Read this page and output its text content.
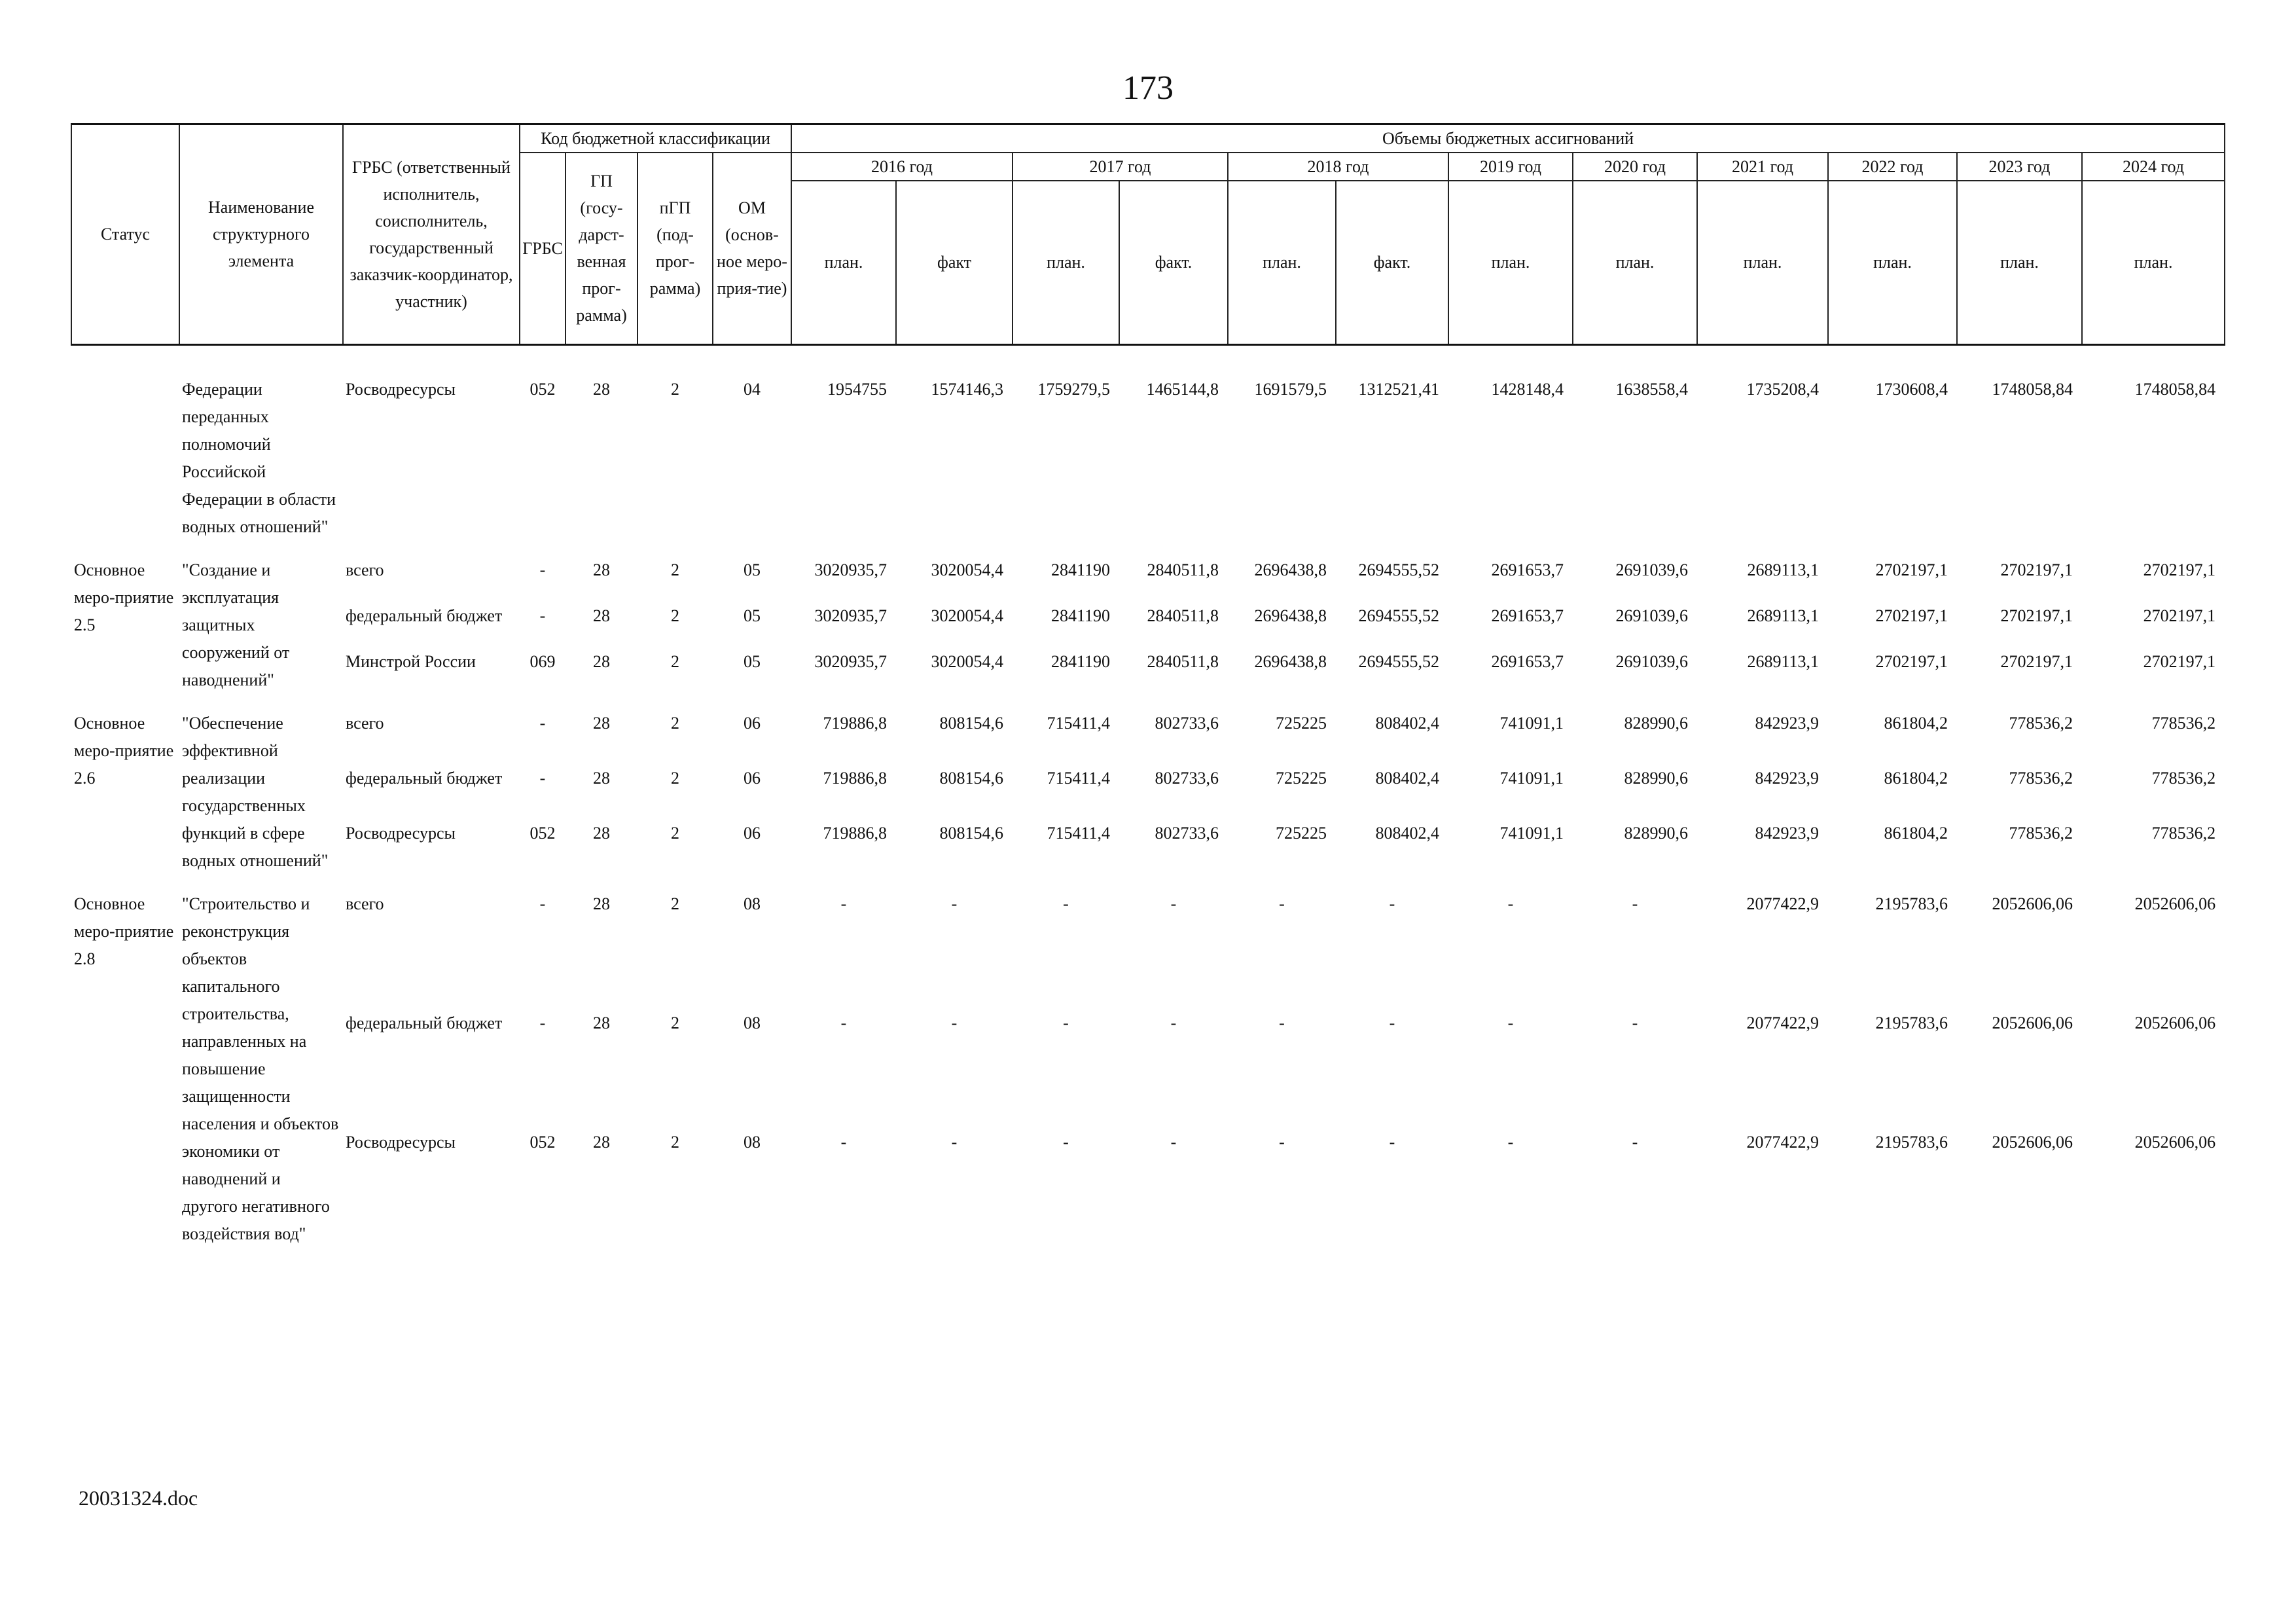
173
Статус	Наименование структурного элемента	ГРБС (ответственный исполнитель, соисполнитель, государственный заказчик-координатор, участник)	Код бюджетной классификации				Объемы бюджетных ассигнований											
			ГРБС	ГП (госу-дарст-венная прог-рамма)	пГП (под-прог-рамма)	ОМ (основ-ное меро-прия-тие)	2016 год		2017 год		2018 год		2019 год	2020 год	2021 год	2022 год	2023 год	2024 год
							план.	факт	план.	факт.	план.	факт.	план.	план.	план.	план.	план.	план.

	Федерации переданных полномочий Российской Федерации в области водных отношений"	Росводресурсы	052	28	2	04	1954755	1574146,3	1759279,5	1465144,8	1691579,5	1312521,41	1428148,4	1638558,4	1735208,4	1730608,4	1748058,84	1748058,84

Основное меро-приятие 2.5	"Создание и эксплуатация защитных сооружений от наводнений"	всего	-	28	2	05	3020935,7	3020054,4	2841190	2840511,8	2696438,8	2694555,52	2691653,7	2691039,6	2689113,1	2702197,1	2702197,1	2702197,1
		федеральный бюджет	-	28	2	05	3020935,7	3020054,4	2841190	2840511,8	2696438,8	2694555,52	2691653,7	2691039,6	2689113,1	2702197,1	2702197,1	2702197,1
		Минстрой России	069	28	2	05	3020935,7	3020054,4	2841190	2840511,8	2696438,8	2694555,52	2691653,7	2691039,6	2689113,1	2702197,1	2702197,1	2702197,1

Основное меро-приятие 2.6	"Обеспечение эффективной реализации государственных функций в сфере водных отношений"	всего	-	28	2	06	719886,8	808154,6	715411,4	802733,6	725225	808402,4	741091,1	828990,6	842923,9	861804,2	778536,2	778536,2
		федеральный бюджет	-	28	2	06	719886,8	808154,6	715411,4	802733,6	725225	808402,4	741091,1	828990,6	842923,9	861804,2	778536,2	778536,2
		Росводресурсы	052	28	2	06	719886,8	808154,6	715411,4	802733,6	725225	808402,4	741091,1	828990,6	842923,9	861804,2	778536,2	778536,2

Основное меро-приятие 2.8	"Строительство и реконструкция объектов капитального строительства, направленных на повышение защищенности населения и объектов экономики от наводнений и другого негативного воздействия вод"	всего	-	28	2	08	-	-	-	-	-	-	-	-	2077422,9	2195783,6	2052606,06	2052606,06
		федеральный бюджет	-	28	2	08	-	-	-	-	-	-	-	-	2077422,9	2195783,6	2052606,06	2052606,06
		Росводресурсы	052	28	2	08	-	-	-	-	-	-	-	-	2077422,9	2195783,6	2052606,06	2052606,06
20031324.doc
